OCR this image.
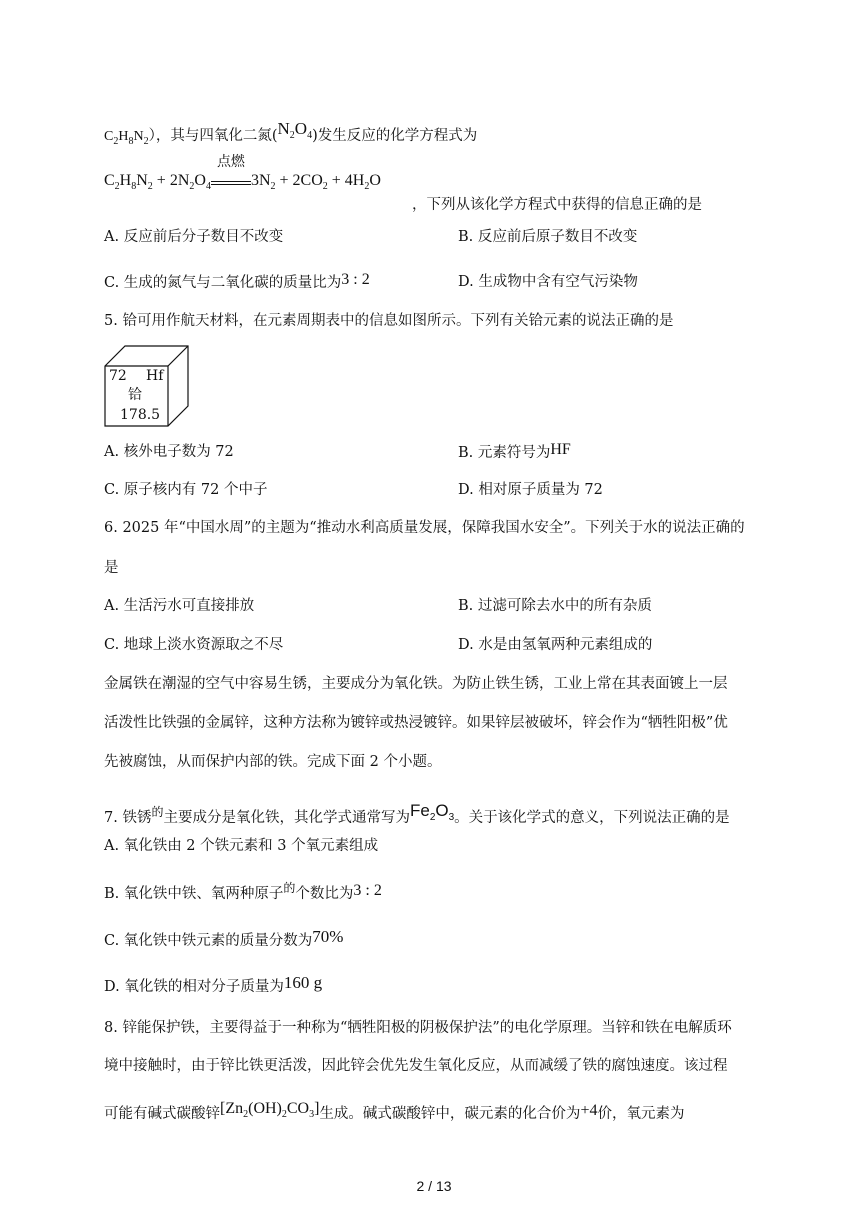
$C_2H_8N_2$），其与四氧化二氮$(N_2O_4)$发生反应的化学方程式为
$C_2H_8N_2 + 2N_2O_4$
点燃
$3N_2 + 2CO_2 + 4H_2O$
，下列从该化学方程式中获得的信息正确的是
A. 反应前后分子数目不改变	B. 反应前后原子数目不改变
C. 生成的氮气与二氧化碳的质量比为3 : 2	D. 生成物中含有空气污染物
5. 铪可用作航天材料，在元素周期表中的信息如图所示。下列有关铪元素的说法正确的是
72 Hf
铪
178.5
A. 核外电子数为 72	B. 元素符号为HF
C. 原子核内有 72 个中子	D. 相对原子质量为 72
6. 2025 年“中国水周”的主题为“推动水利高质量发展，保障我国水安全”。下列关于水的说法正确的
是
A. 生活污水可直接排放	B. 过滤可除去水中的所有杂质
C. 地球上淡水资源取之不尽	D. 水是由氢氧两种元素组成的
金属铁在潮湿的空气中容易生锈，主要成分为氧化铁。为防止铁生锈，工业上常在其表面镀上一层
活泼性比铁强的金属锌，这种方法称为镀锌或热浸镀锌。如果锌层被破坏，锌会作为“牺牲阳极”优
先被腐蚀，从而保护内部的铁。完成下面 2 个小题。
7. 铁锈$^的$主要成分是氧化铁，其化学式通常写为$Fe_2O_3$。关于该化学式的意义，下列说法正确的是
A. 氧化铁由 2 个铁元素和 3 个氧元素组成
B. 氧化铁中铁、氧两种原子$^的$个数比为3 : 2
C. 氧化铁中铁元素的质量分数为70%
D. 氧化铁的相对分子质量为160 g
8. 锌能保护铁，主要得益于一种称为“牺牲阳极的阴极保护法”的电化学原理。当锌和铁在电解质环
境中接触时，由于锌比铁更活泼，因此锌会优先发生氧化反应，从而减缓了铁的腐蚀速度。该过程
可能有碱式碳酸锌$[Zn_2(OH)_2CO_3]$生成。碱式碳酸锌中，碳元素的化合价为+4价，氧元素为
2 / 13
